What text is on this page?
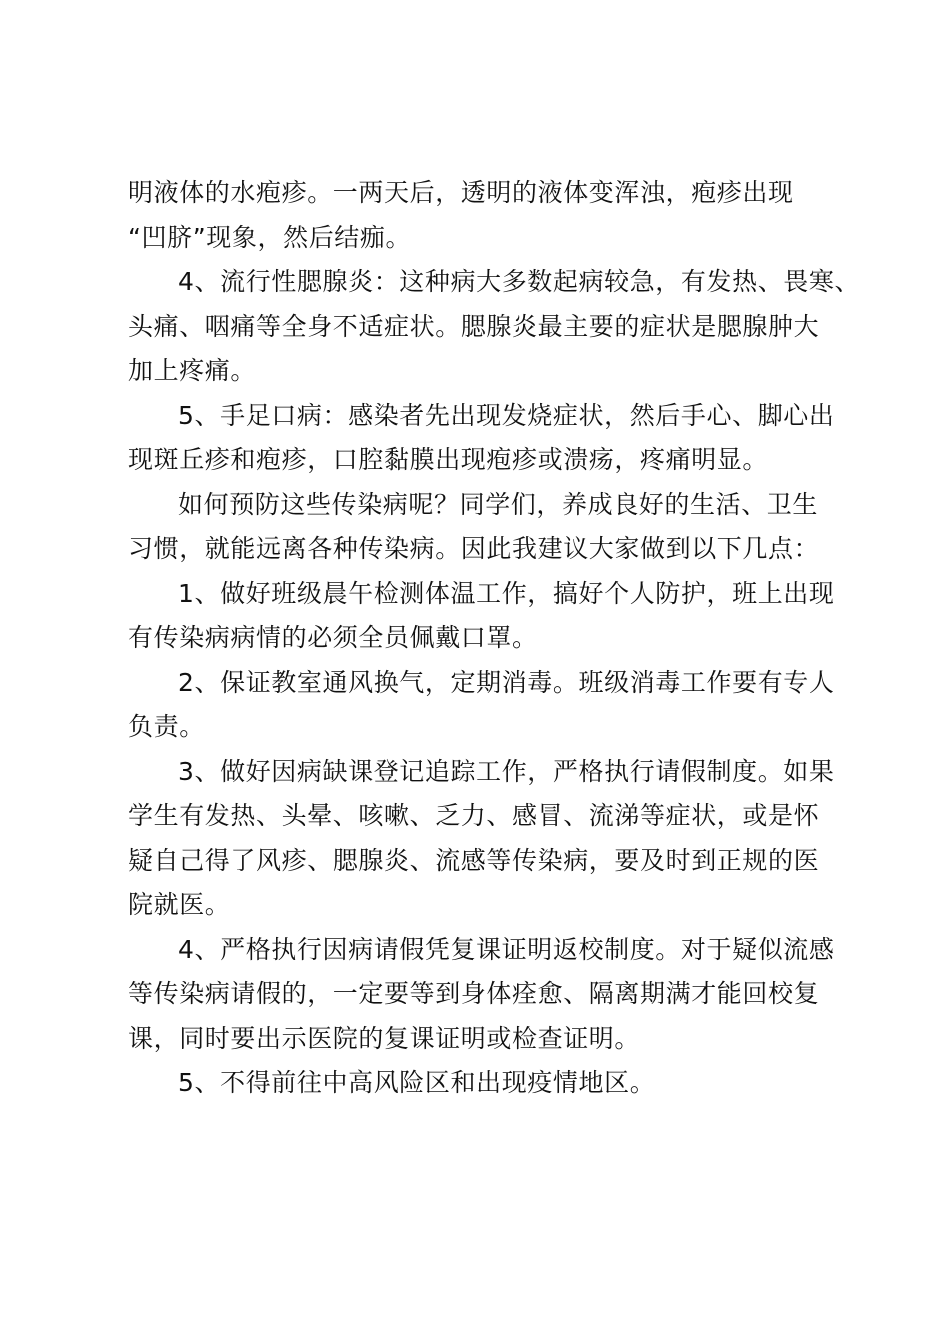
明液体的水疱疹。一两天后，透明的液体变浑浊，疱疹出现

“凹脐”现象，然后结痂。

4、流行性腮腺炎：这种病大多数起病较急，有发热、畏寒、

头痛、咽痛等全身不适症状。腮腺炎最主要的症状是腮腺肿大

加上疼痛。

5、手足口病：感染者先出现发烧症状，然后手心、脚心出

现斑丘疹和疱疹，口腔黏膜出现疱疹或溃疡，疼痛明显。

如何预防这些传染病呢？同学们，养成良好的生活、卫生

习惯，就能远离各种传染病。因此我建议大家做到以下几点：

1、做好班级晨午检测体温工作，搞好个人防护，班上出现

有传染病病情的必须全员佩戴口罩。

2、保证教室通风换气，定期消毒。班级消毒工作要有专人

负责。

3、做好因病缺课登记追踪工作，严格执行请假制度。如果

学生有发热、头晕、咳嗽、乏力、感冒、流涕等症状，或是怀

疑自己得了风疹、腮腺炎、流感等传染病，要及时到正规的医

院就医。

4、严格执行因病请假凭复课证明返校制度。对于疑似流感

等传染病请假的，一定要等到身体痊愈、隔离期满才能回校复

课，同时要出示医院的复课证明或检查证明。

5、不得前往中高风险区和出现疫情地区。
